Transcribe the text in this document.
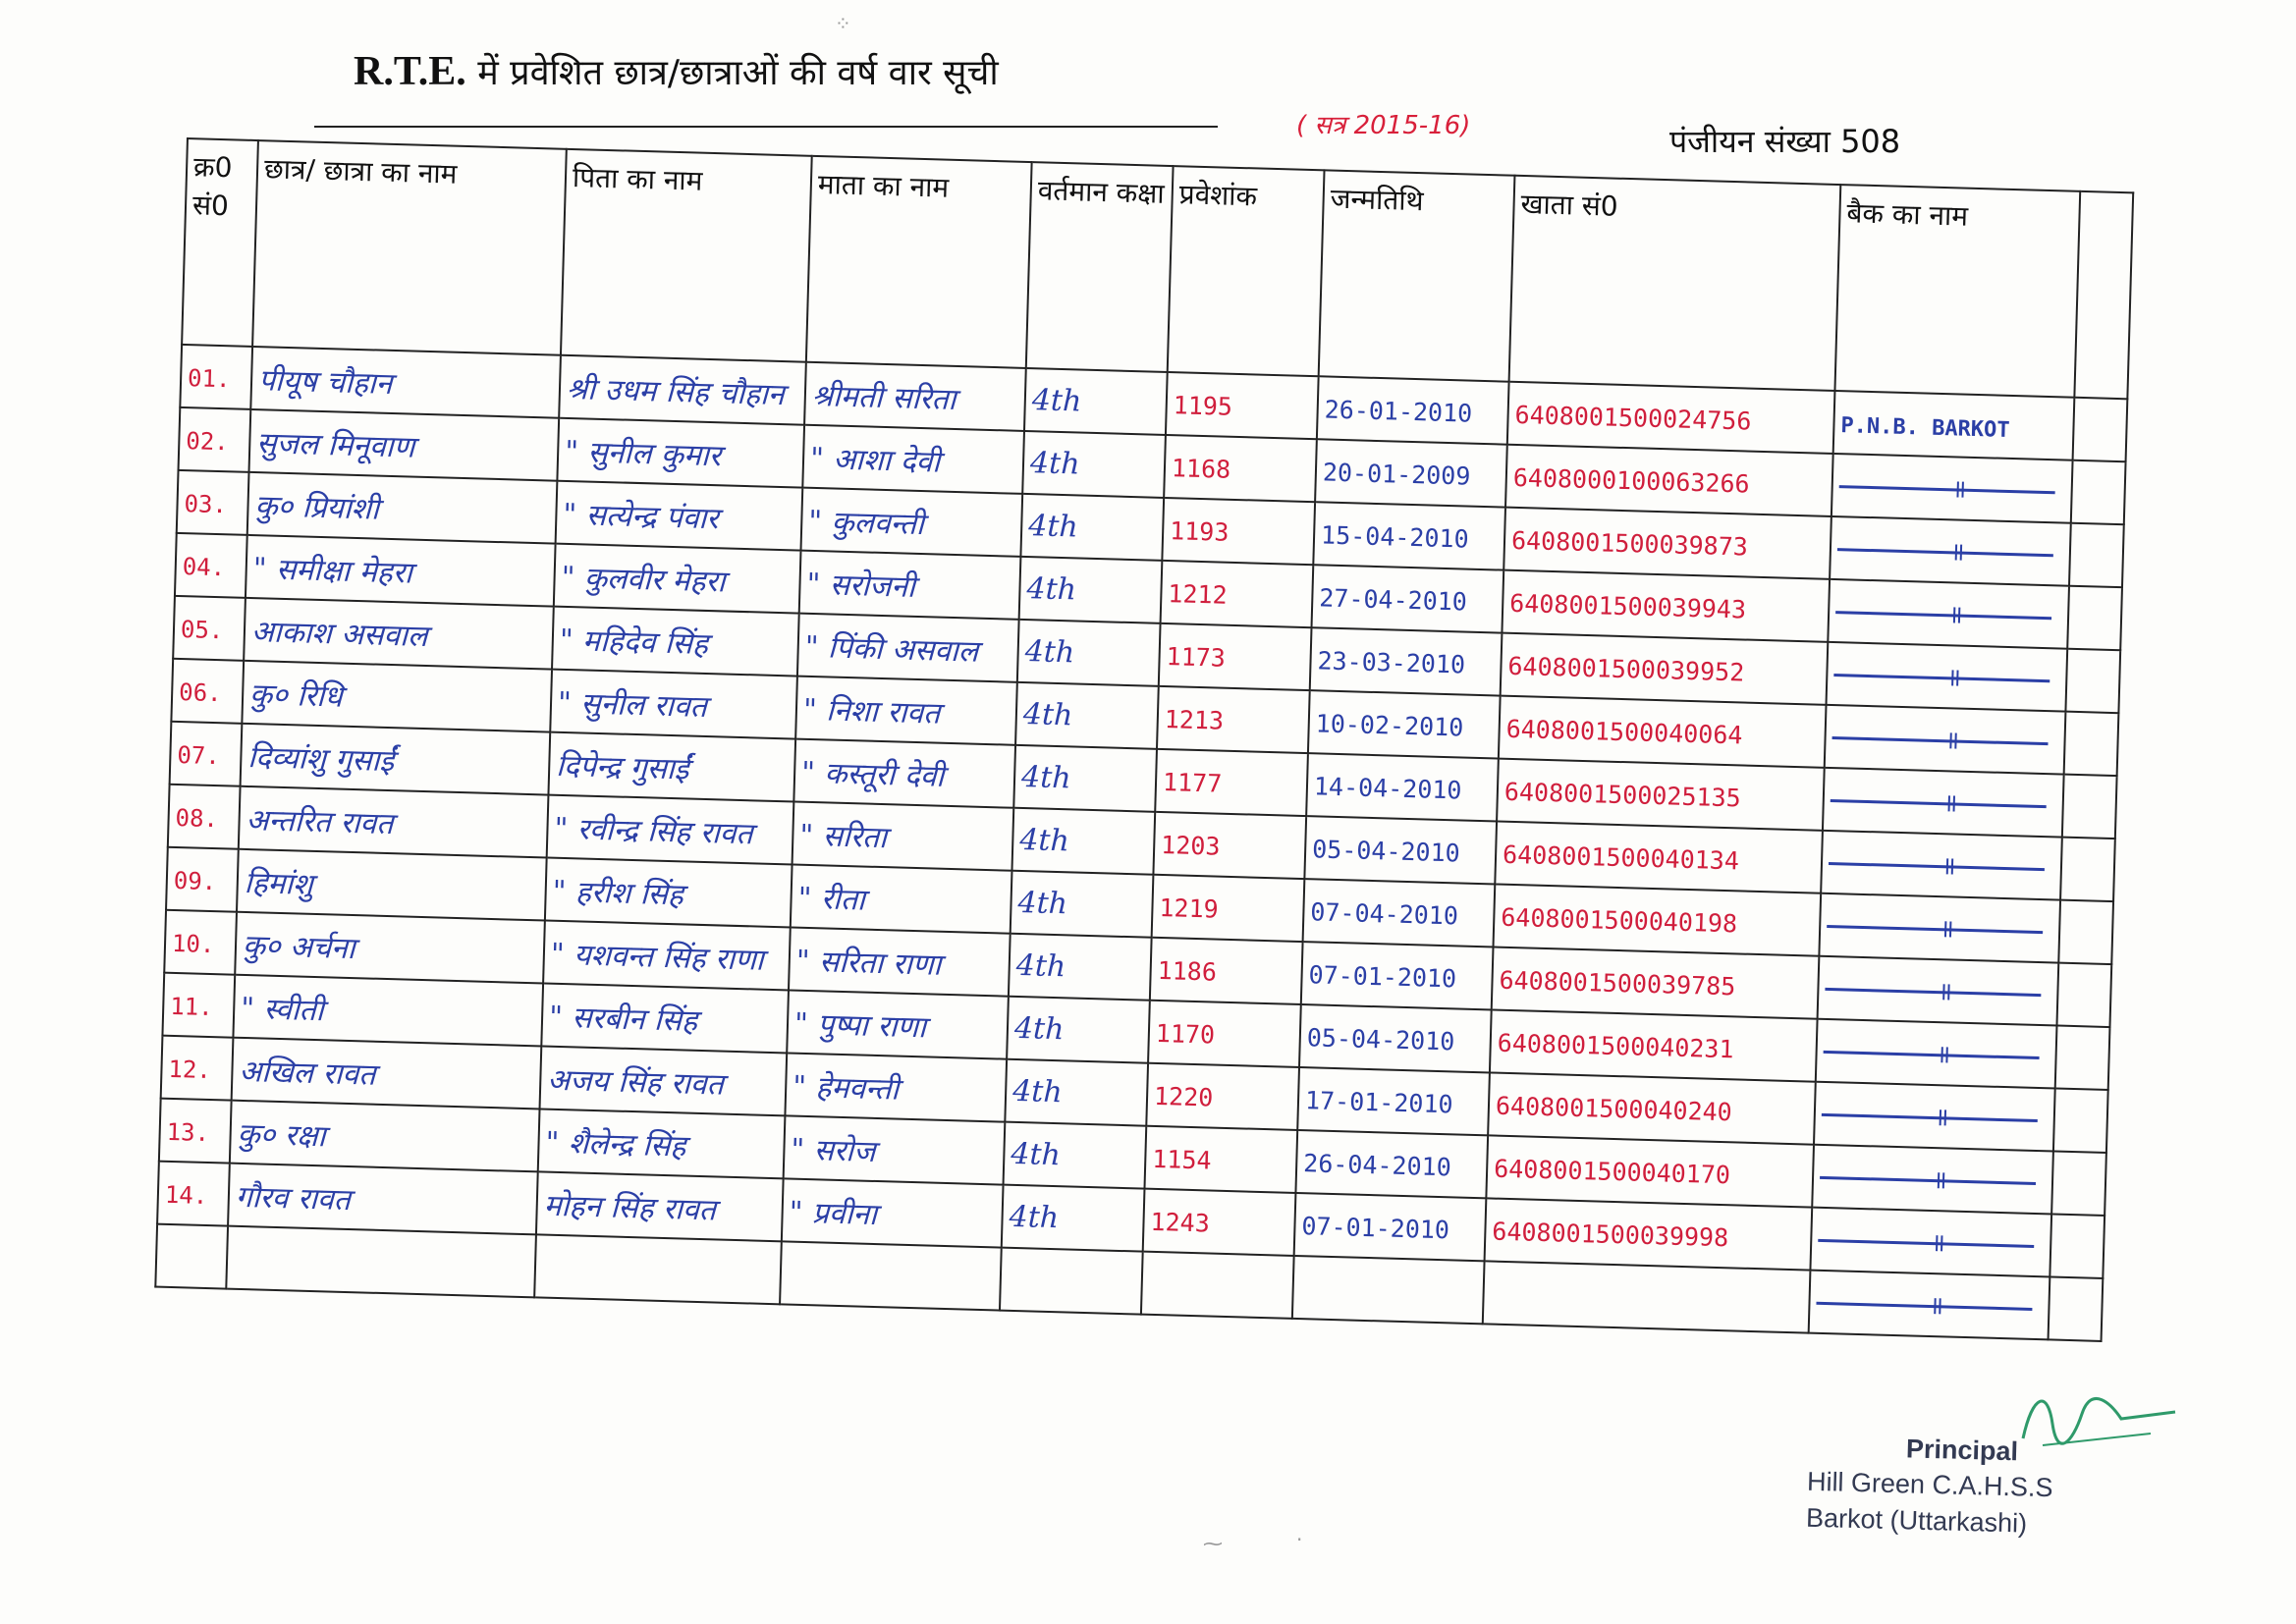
R.T.E. में प्रवेशित छात्र/छात्राओं की वर्ष वार सूची
( सत्र 2015-16)	पंजीयन संख्या 508
क्र0 सं0	छात्र/ छात्रा का नाम	पिता का नाम	माता का नाम	वर्तमान कक्षा	प्रवेशांक	जन्मतिथि	खाता सं0	बैक का नाम	
01.	पीयूष चौहान	श्री उधम सिंह चौहान	श्रीमती सरिता	4th	1195	26-01-2010	6408001500024756	P.N.B. BARKOT	
02.	सुजल मिनूवाण	" सुनील कुमार	" आशा देवी	4th	1168	20-01-2009	6408000100063266		
03.	कु० प्रियांशी	" सत्येन्द्र पंवार	" कुलवन्ती	4th	1193	15-04-2010	6408001500039873		
04.	" समीक्षा मेहरा	" कुलवीर मेहरा	" सरोजनी	4th	1212	27-04-2010	6408001500039943		
05.	आकाश असवाल	" महिदेव सिंह	" पिंकी असवाल	4th	1173	23-03-2010	6408001500039952		
06.	कु० रिधि	" सुनील रावत	" निशा रावत	4th	1213	10-02-2010	6408001500040064		
07.	दिव्यांशु गुसाईं	दिपेन्द्र गुसाईं	" कस्तूरी देवी	4th	1177	14-04-2010	6408001500025135		
08.	अन्तरित रावत	" रवीन्द्र सिंह रावत	" सरिता	4th	1203	05-04-2010	6408001500040134		
09.	हिमांशु	" हरीश सिंह	" रीता	4th	1219	07-04-2010	6408001500040198		
10.	कु० अर्चना	" यशवन्त सिंह राणा	" सरिता राणा	4th	1186	07-01-2010	6408001500039785		
11.	" स्वीती	" सरबीन सिंह	" पुष्पा राणा	4th	1170	05-04-2010	6408001500040231		
12.	अखिल रावत	अजय सिंह रावत	" हेमवन्ती	4th	1220	17-01-2010	6408001500040240		
13.	कु० रक्षा	" शैलेन्द्र सिंह	" सरोज	4th	1154	26-04-2010	6408001500040170		
14.	गौरव रावत	मोहन सिंह रावत	" प्रवीना	4th	1243	07-01-2010	6408001500039998		

Principal
Hill Green C.A.H.S.S
Barkot (Uttarkashi)
⁘
⁓	·
